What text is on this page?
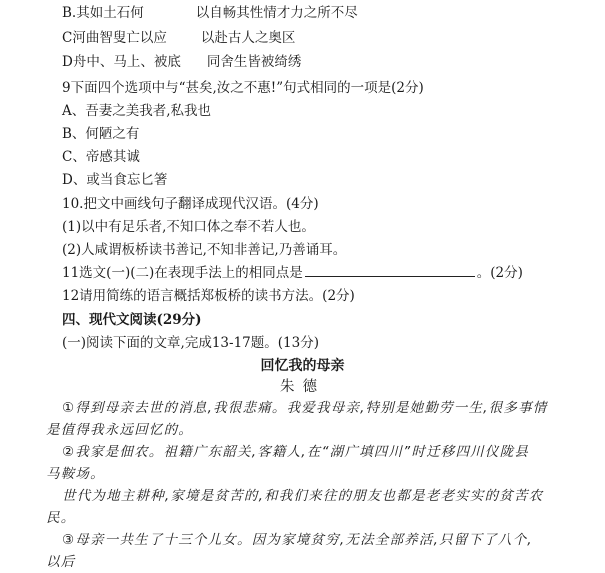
B.其如土石何	以自畅其性情才力之所不尽
C河曲智叟亡以应	以赴古人之奥区
D舟中、马上、被底 同舍生皆被绮绣
9下面四个选项中与“甚矣,汝之不惠!”句式相同的一项是(2分)
A、吾妻之美我者,私我也
B、何陋之有
C、帝感其诚
D、或当食忘匕箸
10.把文中画线句子翻译成现代汉语。(4分)
(1)以中有足乐者,不知口体之奉不若人也。
(2)人咸谓板桥读书善记,不知非善记,乃善诵耳。
11选文(一)(二)在表现手法上的相同点是	。(2分)
12请用简练的语言概括郑板桥的读书方法。(2分)
四、现代文阅读(29分)
(一)阅读下面的文章,完成13-17题。(13分)
回忆我的母亲
朱德
①得到母亲去世的消息,我很悲痛。我爱我母亲,特别是她勤劳一生,很多事情
是值得我永远回忆的。
②我家是佃农。祖籍广东韶关,客籍人,在“湖广填四川”时迁移四川仪陇县
马鞍场。
世代为地主耕种,家境是贫苦的,和我们来往的朋友也都是老老实实的贫苦农
民。
③母亲一共生了十三个儿女。因为家境贫穷,无法全部养活,只留下了八个,
以后
